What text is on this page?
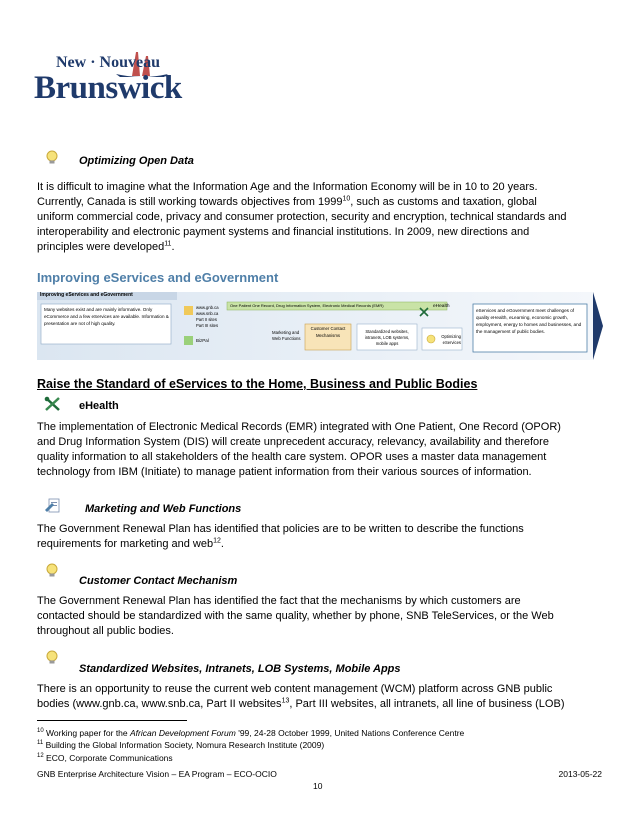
New · Nouveau
Brunswick
Optimizing Open Data
It is difficult to imagine what the Information Age and the Information Economy will be in 10 to 20 years.
Currently, Canada is still working towards objectives from 1999$^{10}$, such as customs and taxation, global
uniform commercial code, privacy and consumer protection, security and encryption, technical standards and
interoperability and electronic payment systems and financial institutions. In 2009, new directions and
principles were developed$^{11}$.
Improving eServices and eGovernment
Improving eServices and eGovernment
Many websites exist and are mainly informative. Only eCommerce and a few eServices are available. Information & presentation are not of high quality.
www.gnb.ca www.snb.ca Part II sites Part III sites
BizPal
One Patient One Record, Drug Information System, Electronic Medical Records (EMR)	eHealth
Marketing and Web Functions
Customer Contact Mechanisms
Standardized websites, intranets, LOB systems, mobile apps
Optimizing eServices
eServices and eGovernment meet challenges of quality eHealth, eLearning, economic growth, employment, energy to homes and businesses, and the management of public bodies.
Raise the Standard of eServices to the Home, Business and Public Bodies
eHealth
The implementation of Electronic Medical Records (EMR) integrated with One Patient, One Record (OPOR)
and Drug Information System (DIS) will create unprecedent accuracy, relevancy, availability and therefore
quality information to all stakeholders of the health care system. OPOR uses a master data management
technology from IBM (Initiate) to manage patient information from their various sources of information.
Marketing and Web Functions
The Government Renewal Plan has identified that policies are to be written to describe the functions
requirements for marketing and web$^{12}$.
Customer Contact Mechanism
The Government Renewal Plan has identified the fact that the mechanisms by which customers are
contacted should be standardized with the same quality, whether by phone, SNB TeleServices, or the Web
throughout all public bodies.
Standardized Websites, Intranets, LOB Systems, Mobile Apps
There is an opportunity to reuse the current web content management (WCM) platform across GNB public
bodies (www.gnb.ca, www.snb.ca, Part II websites$^{13}$, Part III websites, all intranets, all line of business (LOB)
$^{10}$ Working paper for the African Development Forum '99, 24-28 October 1999, United Nations Conference Centre
$^{11}$ Building the Global Information Society, Nomura Research Institute (2009)
$^{12}$ ECO, Corporate Communications
GNB Enterprise Architecture Vision – EA Program – ECO-OCIO	2013-05-22
10
